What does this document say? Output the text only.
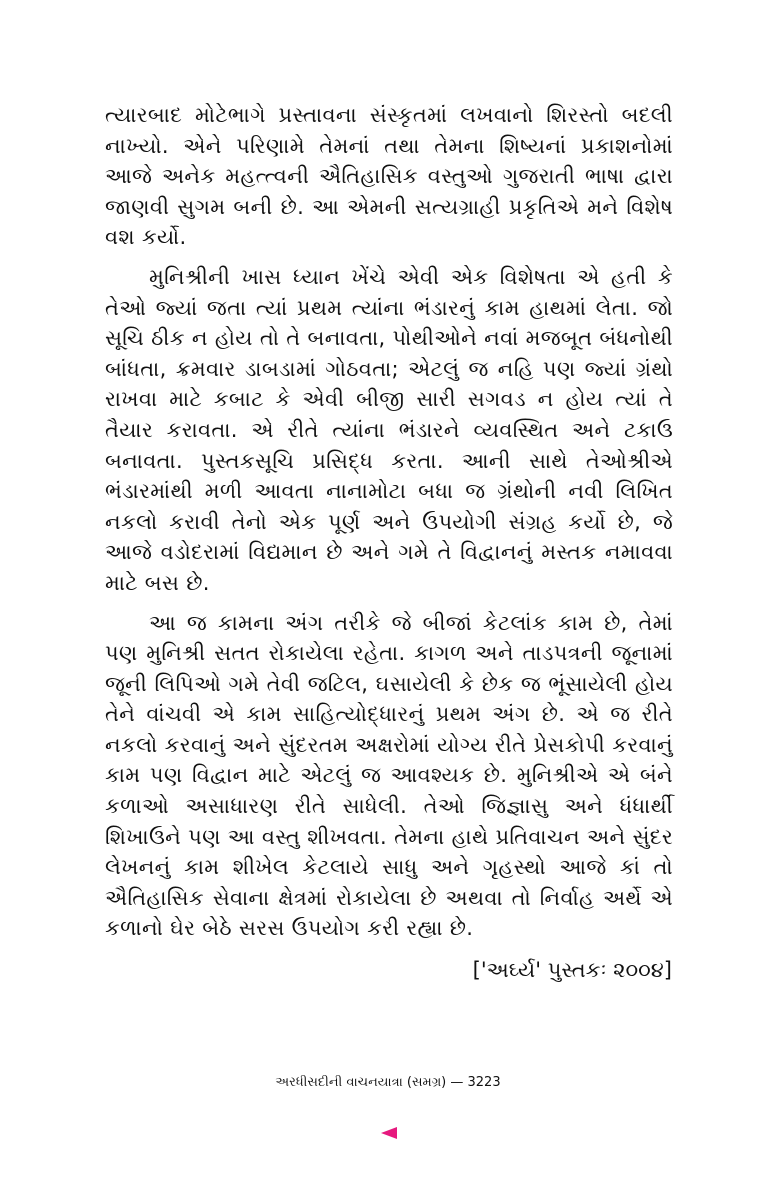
ત્યારબાદ મોટેભાગે પ્રસ્તાવના સંસ્કૃતમાં લખવાનો શિરસ્તો બદલી નાખ્યો. એને પરિણામે તેમનાં તથા તેમના શિષ્યનાં પ્રકાશનોમાં આજે અનેક મહત્ત્વની ઐતિહાસિક વસ્તુઓ ગુજરાતી ભાષા દ્વારા જાણવી સુગમ બની છે. આ એમની સત્યગ્રાહી પ્રકૃતિએ મને વિશેષ વશ કર્યો.

મુનિશ્રીની ખાસ ધ્યાન ખેંચે એવી એક વિશેષતા એ હતી કે તેઓ જ્યાં જતા ત્યાં પ્રથમ ત્યાંના ભંડારનું કામ હાથમાં લેતા. જો સૂચિ ઠીક ન હોય તો તે બનાવતા, પોથીઓને નવાં મજબૂત બંધનોથી બાંધતા, ક્રમવાર ડાબડામાં ગોઠવતા; એટલું જ નહિ પણ જ્યાં ગ્રંથો રાખવા માટે કબાટ કે એવી બીજી સારી સગવડ ન હોય ત્યાં તે તૈયાર કરાવતા. એ રીતે ત્યાંના ભંડારને વ્યવસ્થિત અને ટકાઉ બનાવતા. પુસ્તકસૂચિ પ્રસિદ્ધ કરતા. આની સાથે તેઓશ્રીએ ભંડારમાંથી મળી આવતા નાનામોટા બધા જ ગ્રંથોની નવી લિખિત નકલો કરાવી તેનો એક પૂર્ણ અને ઉપયોગી સંગ્રહ કર્યો છે, જે આજે વડોદરામાં વિદ્યમાન છે અને ગમે તે વિદ્વાનનું મસ્તક નમાવવા માટે બસ છે.

આ જ કામના અંગ તરીકે જે બીજાં કેટલાંક કામ છે, તેમાં પણ મુનિશ્રી સતત રોકાયેલા રહેતા. કાગળ અને તાડપત્રની જૂનામાં જૂની લિપિઓ ગમે તેવી જટિલ, ઘસાયેલી કે છેક જ ભૂંસાયેલી હોય તેને વાંચવી એ કામ સાહિત્યોદ્ધારનું પ્રથમ અંગ છે. એ જ રીતે નકલો કરવાનું અને સુંદરતમ અક્ષરોમાં યોગ્ય રીતે પ્રેસકોપી કરવાનું કામ પણ વિદ્વાન માટે એટલું જ આવશ્યક છે. મુનિશ્રીએ એ બંને કળાઓ અસાધારણ રીતે સાધેલી. તેઓ જિજ્ઞાસુ અને ધંધાર્થી શિખાઉને પણ આ વસ્તુ શીખવતા. તેમના હાથે પ્રતિવાચન અને સુંદર લેખનનું કામ શીખેલ કેટલાયે સાધુ અને ગૃહસ્થો આજે કાં તો ઐતિહાસિક સેવાના ક્ષેત્રમાં રોકાયેલા છે અથવા તો નિર્વાહ અર્થે એ કળાનો ઘેર બેઠે સરસ ઉપયોગ કરી રહ્યા છે.

['અર્ઘ્ય' પુસ્તકઃ ૨૦૦૪]
અરધીસદીની વાચનયાત્રા (સમગ્ર) — 3223
